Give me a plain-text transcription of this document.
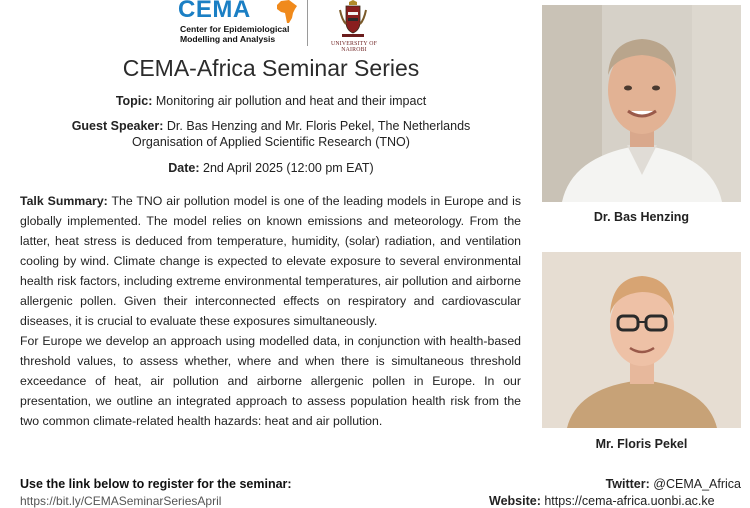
CEMA
Center for Epidemiological
Modelling and Analysis	UNIVERSITY OF NAIROBI
CEMA-Africa Seminar Series
Topic: Monitoring air pollution and heat and their impact
Guest Speaker: Dr. Bas Henzing and Mr. Floris Pekel, The Netherlands
Organisation of Applied Scientific Research (TNO)
Date: 2nd April 2025 (12:00 pm EAT)

Talk Summary: The TNO air pollution model is one of the leading models in Europe and is globally implemented. The model relies on known emissions and meteorology. From the latter, heat stress is deduced from temperature, humidity, (solar) radiation, and ventilation cooling by wind. Climate change is expected to elevate exposure to several environmental health risk factors, including extreme environmental temperatures, air pollution and airborne allergenic pollen. Given their interconnected effects on respiratory and cardiovascular diseases, it is crucial to evaluate these exposures simultaneously.

For Europe we develop an approach using modelled data, in conjunction with health-based threshold values, to assess whether, where and when there is simultaneous threshold exceedance of heat, air pollution and airborne allergenic pollen in Europe. In our presentation, we outline an integrated approach to assess population health risk from the two common climate-related health hazards: heat and air pollution.

Use the link below to register for the seminar:
https://bit.ly/CEMASeminarSeriesApril
Twitter: @CEMA_Africa
Website: https://cema-africa.uonbi.ac.ke
Dr. Bas Henzing
Mr. Floris Pekel
